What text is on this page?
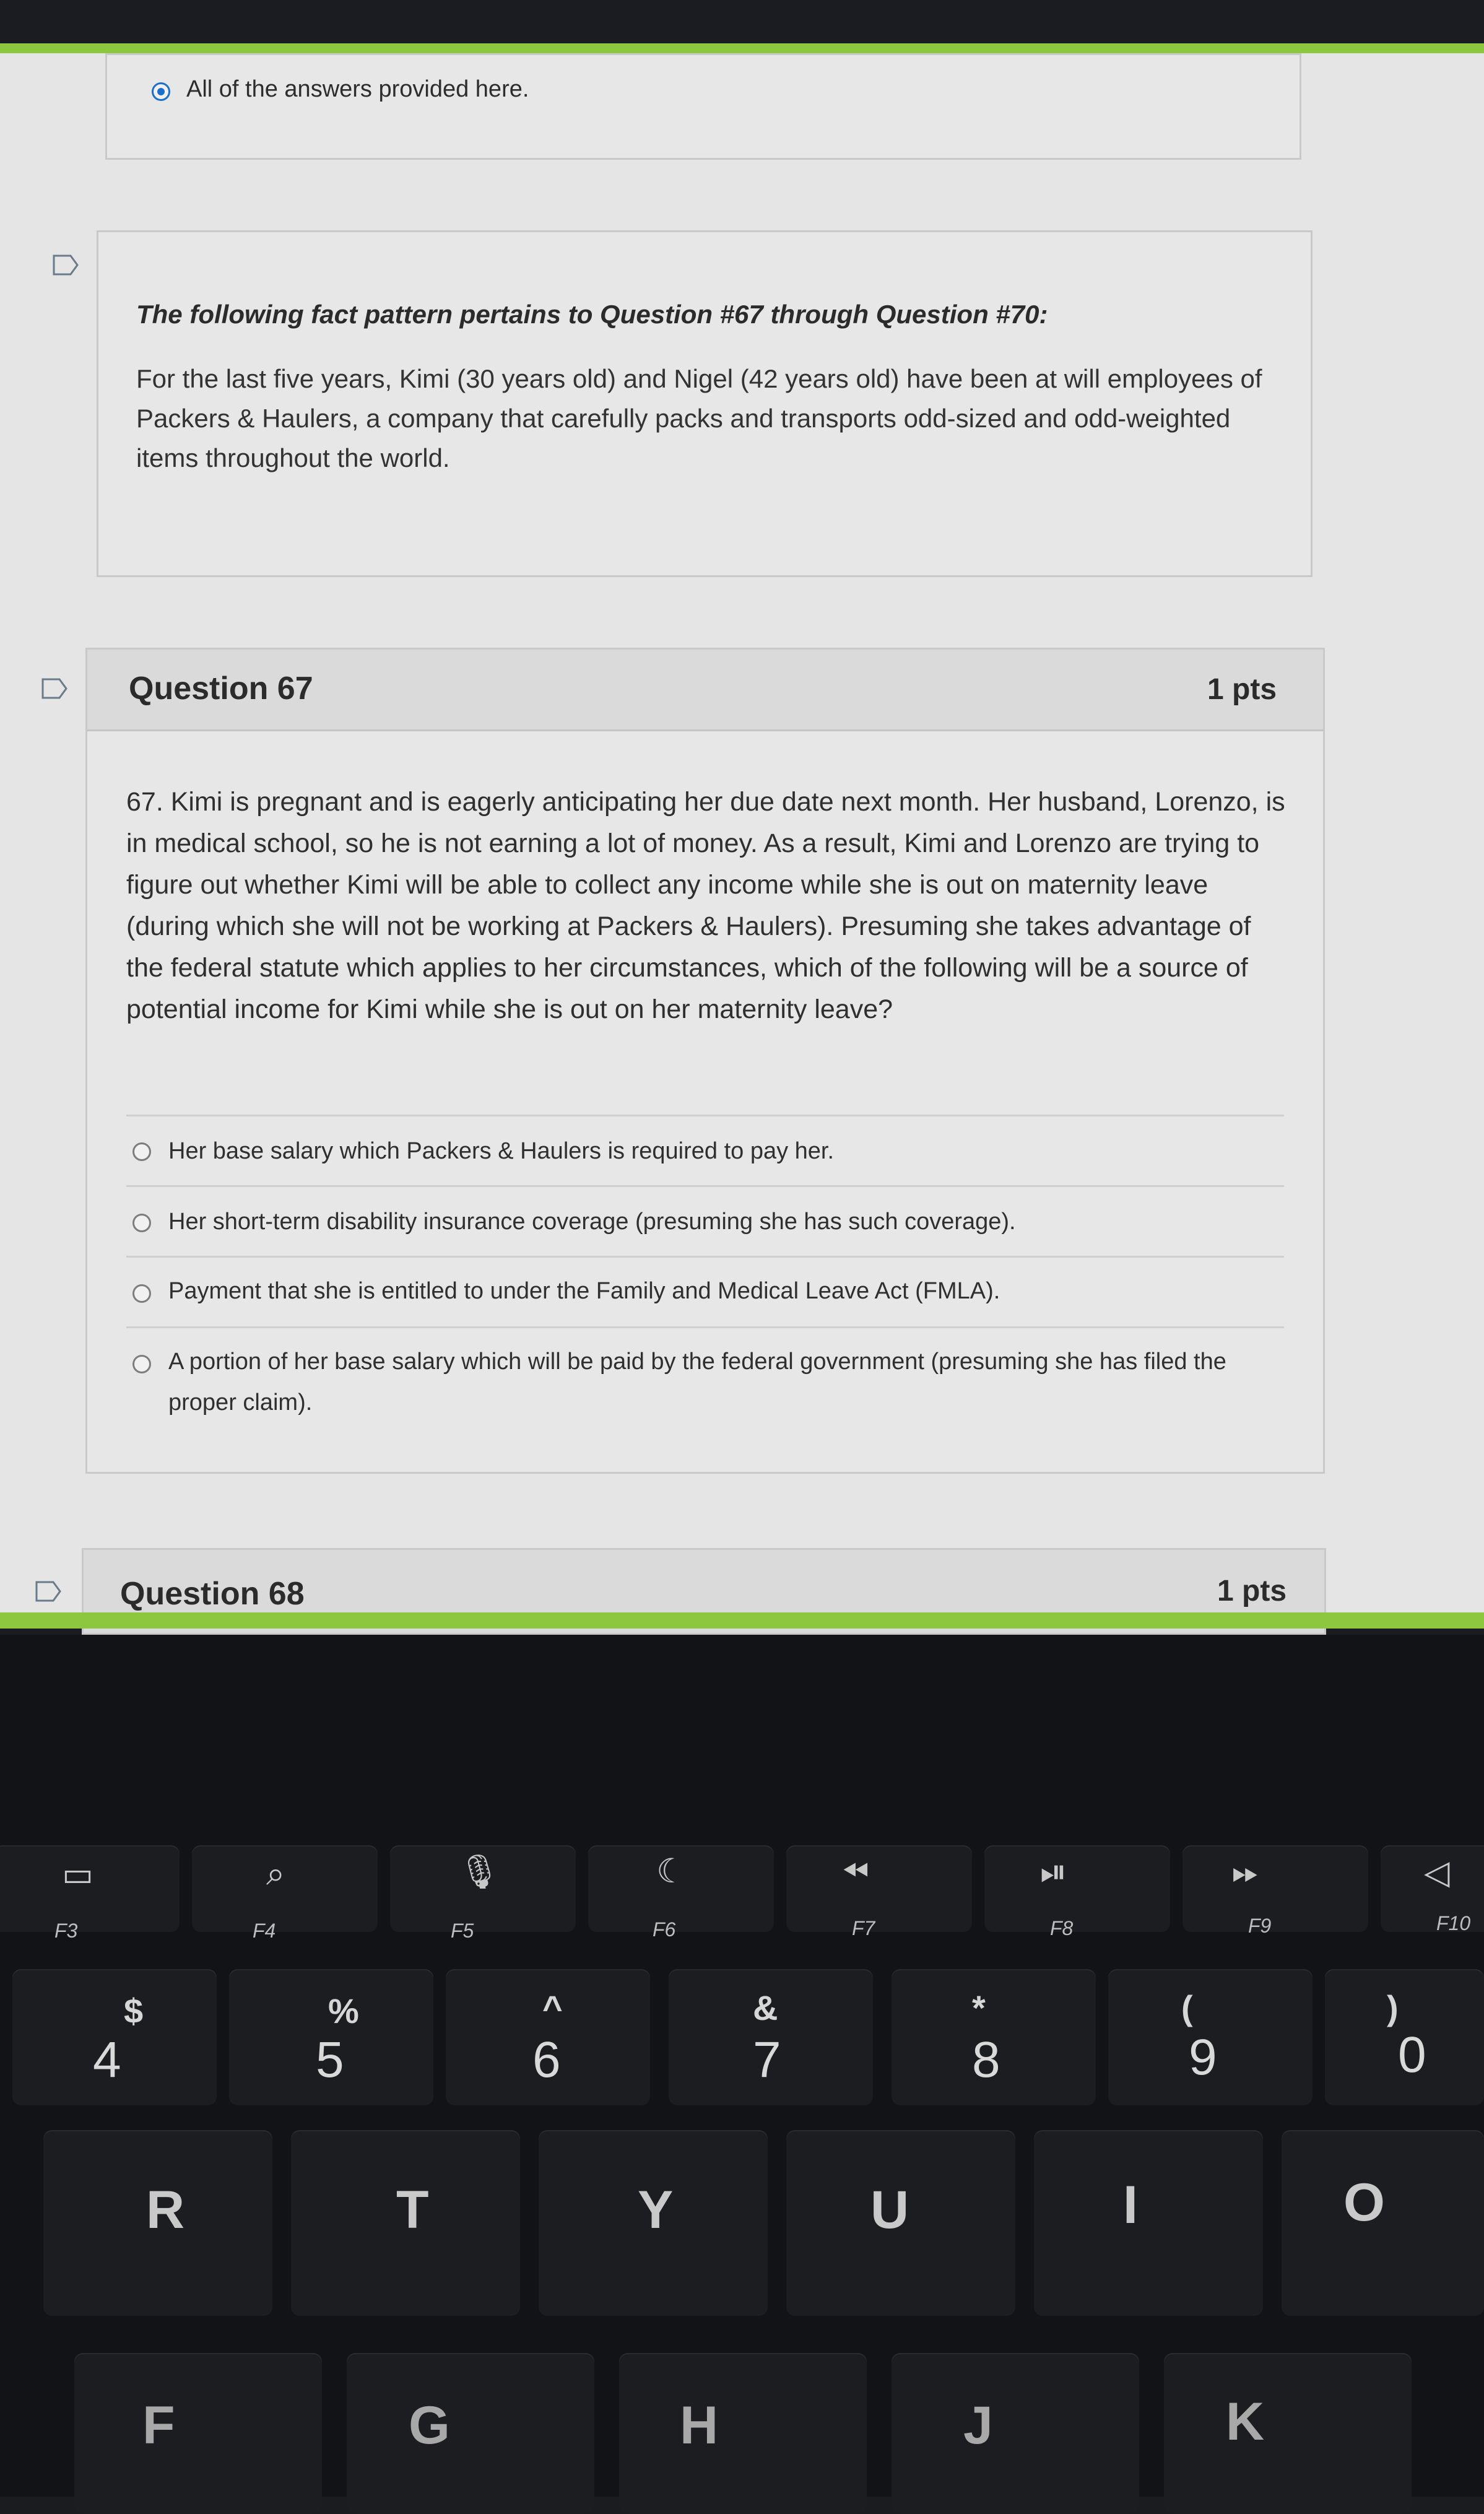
All of the answers provided here.
The following fact pattern pertains to Question #67 through Question #70:
For the last five years, Kimi (30 years old) and Nigel (42 years old) have been at will employees of Packers & Haulers, a company that carefully packs and transports odd-sized and odd-weighted items throughout the world.
Question 67	1 pts
67. Kimi is pregnant and is eagerly anticipating her due date next month. Her husband, Lorenzo, is in medical school, so he is not earning a lot of money. As a result, Kimi and Lorenzo are trying to figure out whether Kimi will be able to collect any income while she is out on maternity leave (during which she will not be working at Packers & Haulers). Presuming she takes advantage of the federal statute which applies to her circumstances, which of the following will be a source of potential income for Kimi while she is out on her maternity leave?
Her base salary which Packers & Haulers is required to pay her.
Her short-term disability insurance coverage (presuming she has such coverage).
Payment that she is entitled to under the Family and Medical Leave Act (FMLA).
A portion of her base salary which will be paid by the federal government (presuming she has filed the proper claim).
Question 68	1 pts
▭	⌕	🎙︎	☾	⏪︎	⏯︎	⏩︎	◁
F3	F4	F5	F6	F7	F8	F9	F10
$	%	^	&	*	(	)
4	5	6	7	8	9	0
R	T	Y	U	I	O
F	G	H	J	K
